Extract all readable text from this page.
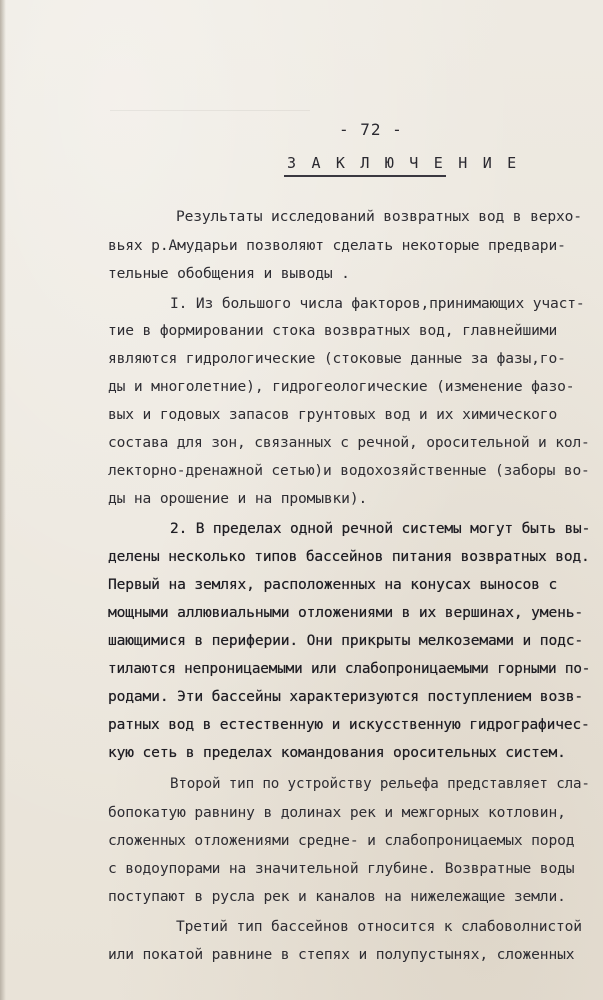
- 72 -
З А К Л Ю Ч Е Н И Е
Результаты исследований возвратных вод в верхо-
вьях р.Амударьи позволяют сделать некоторые предвари-
тельные обобщения и выводы .
I. Из большого числа факторов,принимающих участ-
тие в формировании стока возвратных вод, главнейшими
являются гидрологические (стоковые данные за фазы,го-
ды и многолетние), гидрогеологические (изменение фазо-
вых и годовых запасов грунтовых вод и их химического
состава для зон, связанных с речной, оросительной и кол-
лекторно-дренажной сетью)и водохозяйственные (заборы во-
ды на орошение и на промывки).
2. В пределах одной речной системы могут быть вы-
делены несколько типов бассейнов питания возвратных вод.
Первый на землях, расположенных на конусах выносов с
мощными аллювиальными отложениями в их вершинах, умень-
шающимися в периферии. Они прикрыты мелкоземами и подс-
тилаются непроницаемыми или слабопроницаемыми горными по-
родами. Эти бассейны характеризуются поступлением возв-
ратных вод в естественную и искусственную гидрографичес-
кую сеть в пределах командования оросительных систем.
Второй тип по устройству рельефа представляет сла-
бопокатую равнину в долинах рек и межгорных котловин,
сложенных отложениями средне- и слабопроницаемых пород
с водоупорами на значительной глубине. Возвратные воды
поступают в русла рек и каналов на нижележащие земли.
Третий тип бассейнов относится к слабоволнистой
или покатой равнине в степях и полупустынях, сложенных
